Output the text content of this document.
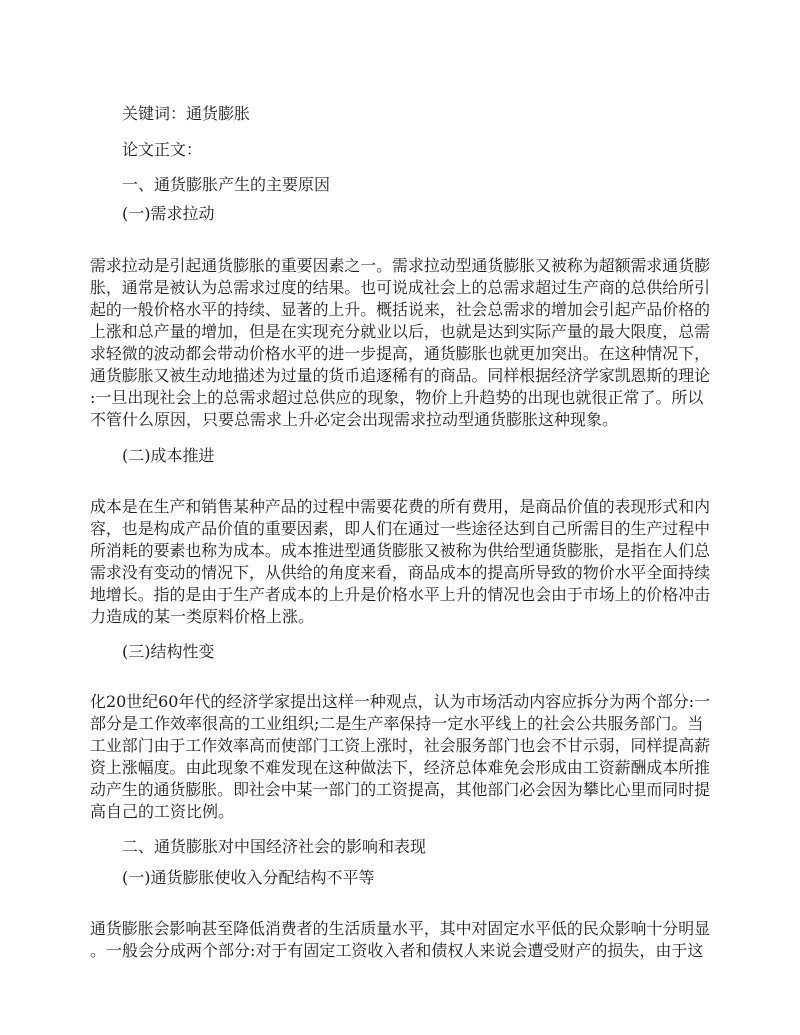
关键词：通货膨胀
论文正文：
一、通货膨胀产生的主要原因
(一)需求拉动
需求拉动是引起通货膨胀的重要因素之一。需求拉动型通货膨胀又被称为超额需求通货膨
胀，通常是被认为总需求过度的结果。也可说成社会上的总需求超过生产商的总供给所引
起的一般价格水平的持续、显著的上升。概括说来，社会总需求的增加会引起产品价格的
上涨和总产量的增加，但是在实现充分就业以后，也就是达到实际产量的最大限度，总需
求轻微的波动都会带动价格水平的进一步提高，通货膨胀也就更加突出。在这种情况下，
通货膨胀又被生动地描述为过量的货币追逐稀有的商品。同样根据经济学家凯恩斯的理论
:一旦出现社会上的总需求超过总供应的现象，物价上升趋势的出现也就很正常了。所以
不管什么原因，只要总需求上升必定会出现需求拉动型通货膨胀这种现象。
(二)成本推进
成本是在生产和销售某种产品的过程中需要花费的所有费用，是商品价值的表现形式和内
容，也是构成产品价值的重要因素，即人们在通过一些途径达到自己所需目的生产过程中
所消耗的要素也称为成本。成本推进型通货膨胀又被称为供给型通货膨胀，是指在人们总
需求没有变动的情况下，从供给的角度来看，商品成本的提高所导致的物价水平全面持续
地增长。指的是由于生产者成本的上升是价格水平上升的情况也会由于市场上的价格冲击
力造成的某一类原料价格上涨。
(三)结构性变
化20世纪60年代的经济学家提出这样一种观点，认为市场活动内容应拆分为两个部分:一
部分是工作效率很高的工业组织;二是生产率保持一定水平线上的社会公共服务部门。当
工业部门由于工作效率高而使部门工资上涨时，社会服务部门也会不甘示弱，同样提高薪
资上涨幅度。由此现象不难发现在这种做法下，经济总体难免会形成由工资薪酬成本所推
动产生的通货膨胀。即社会中某一部门的工资提高，其他部门必会因为攀比心里而同时提
高自己的工资比例。
二、通货膨胀对中国经济社会的影响和表现
(一)通货膨胀使收入分配结构不平等
通货膨胀会影响甚至降低消费者的生活质量水平，其中对固定水平低的民众影响十分明显
。一般会分成两个部分:对于有固定工资收入者和债权人来说会遭受财产的损失，由于这
